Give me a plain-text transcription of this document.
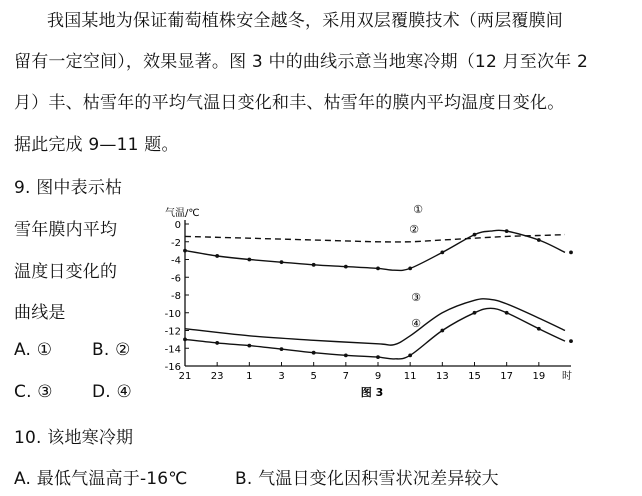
我国某地为保证葡萄植株安全越冬，采用双层覆膜技术（两层覆膜间
留有一定空间），效果显著。图 3 中的曲线示意当地寒冷期（12 月至次年 2
月）丰、枯雪年的平均气温日变化和丰、枯雪年的膜内平均温度日变化。
据此完成 9—11 题。
9. 图中表示枯
雪年膜内平均
温度日变化的
曲线是
A. ① B. ②
C. ③ D. ④
10. 该地寒冷期
A. 最低气温高于-16℃	B. 气温日变化因积雪状况差异较大
0
-2
-4
-6
-8
-10
-12
-14
-16
21 23 1	3	5	7	9 11 13 15 17 19 时
气温/℃
图 3
①
②
③
④
